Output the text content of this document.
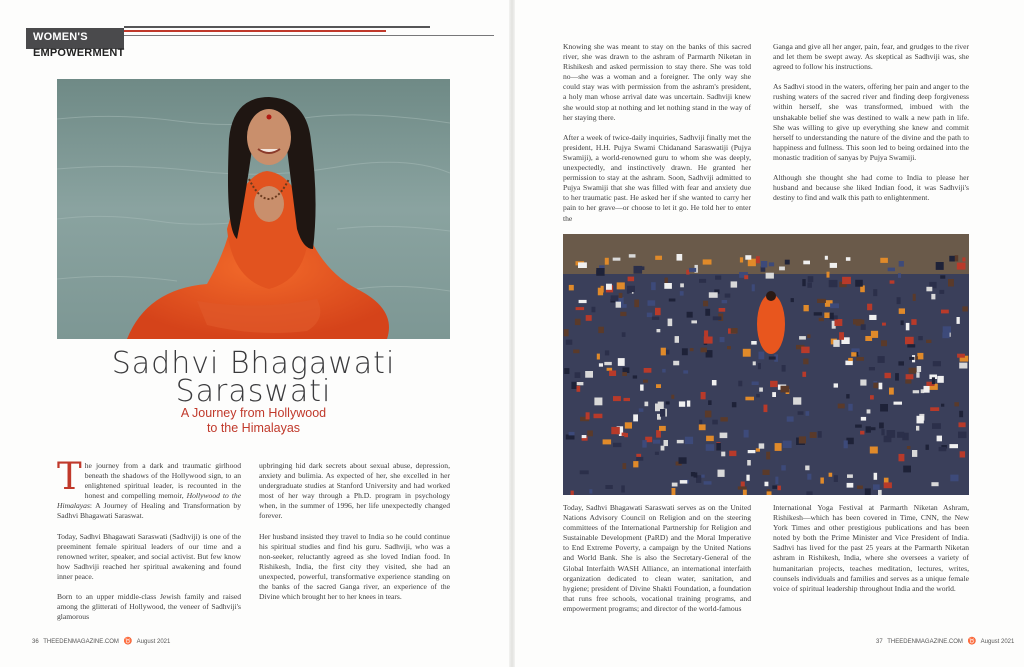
WOMEN'S
EMPOWERMENT
Sadhvi Bhagawati
Saraswati
A Journey from Hollywood
to the Himalayas

The journey from a dark and traumatic girlhood beneath the shadows of the Hollywood sign, to an enlightened spiritual leader, is recounted in the honest and compelling memoir, Hollywood to the Himalayas: A Journey of Healing and Transformation by Sadhvi Bhagawati Saraswat.

Today, Sadhvi Bhagawati Saraswati (Sadhviji) is one of the preeminent female spiritual leaders of our time and a renowned writer, speaker, and social activist. But few know how Sadhviji reached her spiritual awakening and found inner peace.

Born to an upper middle-class Jewish family and raised among the glitterati of Hollywood, the veneer of Sadhviji's glamorous

upbringing hid dark secrets about sexual abuse, depression, anxiety and bulimia. As expected of her, she excelled in her undergraduate studies at Stanford University and had worked most of her way through a Ph.D. program in psychology when, in the summer of 1996, her life unexpectedly changed forever.

Her husband insisted they travel to India so he could continue his spiritual studies and find his guru. Sadhviji, who was a non-seeker, reluctantly agreed as she loved Indian food. In Rishikesh, India, the first city they visited, she had an unexpected, powerful, transformative experience standing on the banks of the sacred Ganga river, an experience of the Divine which brought her to her knees in tears.

Knowing she was meant to stay on the banks of this sacred river, she was drawn to the ashram of Parmarth Niketan in Rishikesh and asked permission to stay there. She was told no—she was a woman and a foreigner. The only way she could stay was with permission from the ashram's president, a holy man whose arrival date was uncertain. Sadhviji knew she would stop at nothing and let nothing stand in the way of her staying there.

After a week of twice-daily inquiries, Sadhviji finally met the president, H.H. Pujya Swami Chidanand Saraswatiji (Pujya Swamiji), a world-renowned guru to whom she was deeply, unexpectedly, and instinctively drawn. He granted her permission to stay at the ashram. Soon, Sadhviji admitted to Pujya Swamiji that she was filled with fear and anxiety due to her traumatic past. He asked her if she wanted to carry her pain to her grave—or choose to let it go. He told her to enter the

Ganga and give all her anger, pain, fear, and grudges to the river and let them be swept away. As skeptical as Sadhviji was, she agreed to follow his instructions.

As Sadhvi stood in the waters, offering her pain and anger to the rushing waters of the sacred river and finding deep forgiveness within herself, she was transformed, imbued with the unshakable belief she was destined to walk a new path in life. She was willing to give up everything she knew and commit herself to understanding the nature of the divine and the path to happiness and fullness. This soon led to being ordained into the monastic tradition of sanyas by Pujya Swamiji.

Although she thought she had come to India to please her husband and because she liked Indian food, it was Sadhviji's destiny to find and walk this path to enlightenment.

Today, Sadhvi Bhagawati Saraswati serves as on the United Nations Advisory Council on Religion and on the steering committees of the International Partnership for Religion and Sustainable Development (PaRD) and the Moral Imperative to End Extreme Poverty, a campaign by the United Nations and World Bank. She is also the Secretary-General of the Global Interfaith WASH Alliance, an international interfaith organization dedicated to clean water, sanitation, and hygiene; president of Divine Shakti Foundation, a foundation that runs free schools, vocational training programs, and empowerment programs; and director of the world-famous

International Yoga Festival at Parmarth Niketan Ashram, Rishikesh—which has been covered in Time, CNN, the New York Times and other prestigious publications and has been noted by both the Prime Minister and Vice President of India. Sadhvi has lived for the past 25 years at the Parmarth Niketan ashram in Rishikesh, India, where she oversees a variety of humanitarian projects, teaches meditation, lectures, writes, counsels individuals and families and serves as a unique female voice of spiritual leadership throughout India and the world.

36 THEEDENMAGAZINE.COM ♉ August 2021	37 THEEDENMAGAZINE.COM ♉ August 2021
